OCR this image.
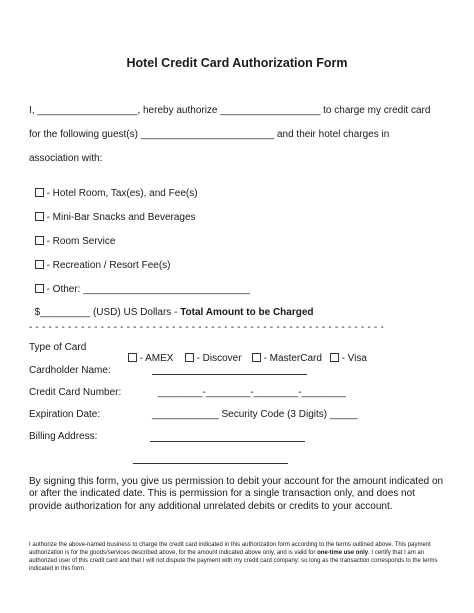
Hotel Credit Card Authorization Form
I, __________________, hereby authorize __________________ to charge my credit card
for the following guest(s) ________________________ and their hotel charges in
association with:

- Hotel Room, Tax(es), and Fee(s)

- Mini-Bar Snacks and Beverages

- Room Service

- Recreation / Resort Fee(s)

- Other: ______________________________

$_________ (USD) US Dollars - Total Amount to be Charged

- - - - - - - - - - - - - - - - - - - - - - - - - - - - - - - - - - - - - - - - - - - - - - - - - - - - - - -
Type of Card

- AMEX	- Discover	- MasterCard	- Visa

Cardholder Name:
Credit Card Number:	________-________-________-________
Expiration Date:	____________ Security Code (3 Digits) _____
Billing Address:
By signing this form, you give us permission to debit your account for the amount indicated on or after the indicated date. This is permission for a single transaction only, and does not provide authorization for any additional unrelated debits or credits to your account.
I authorize the above-named business to charge the credit card indicated in this authorization form according to the terms outlined above. This payment authorization is for the goods/services described above, for the amount indicated above only, and is valid for one-time use only. I certify that I am an authorized user of this credit card and that I will not dispute the payment with my credit card company; so long as the transaction corresponds to the terms indicated in this form.
